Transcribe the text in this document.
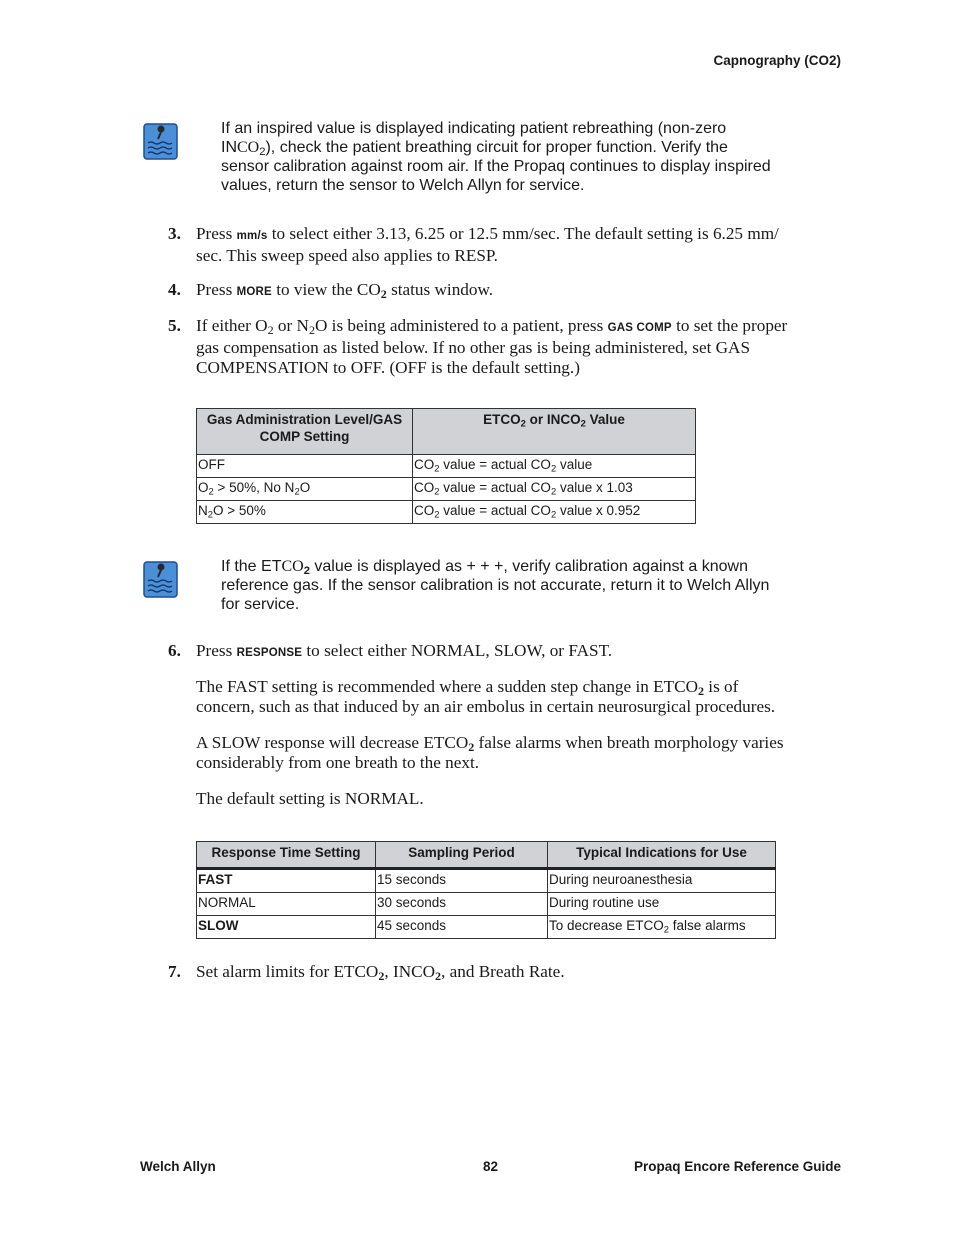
Capnography (CO2)
If an inspired value is displayed indicating patient rebreathing (non-zero
$INCO_2$), check the patient breathing circuit for proper function. Verify the
sensor calibration against room air. If the Propaq continues to display inspired
values, return the sensor to Welch Allyn for service.
3. Press mm/s to select either 3.13, 6.25 or 12.5 mm/sec. The default setting is 6.25 mm/
sec. This sweep speed also applies to RESP.
4. Press MORE to view the $CO_2$ status window.
5. If either $O_2$ or $N_2O$ is being administered to a patient, press GAS COMP to set the proper
gas compensation as listed below. If no other gas is being administered, set GAS
COMPENSATION to OFF. (OFF is the default setting.)
Gas Administration Level/GAS
COMP Setting	$ETCO_2$ or $INCO_2$ Value
OFF	$CO_2$ value = actual $CO_2$ value
$O_2 > 50\%$, No $N_2O$	$CO_2$ value = actual $CO_2$ value x 1.03
$N_2O > 50\%$	$CO_2$ value = actual $CO_2$ value x 0.952
If the $ETCO_2$ value is displayed as + + +, verify calibration against a known
reference gas. If the sensor calibration is not accurate, return it to Welch Allyn
for service.
6. Press RESPONSE to select either NORMAL, SLOW, or FAST.
The FAST setting is recommended where a sudden step change in $ETCO_2$ is of
concern, such as that induced by an air embolus in certain neurosurgical procedures.
A SLOW response will decrease $ETCO_2$ false alarms when breath morphology varies
considerably from one breath to the next.
The default setting is NORMAL.
Response Time Setting	Sampling Period	Typical Indications for Use
FAST	15 seconds	During neuroanesthesia
NORMAL	30 seconds	During routine use
SLOW	45 seconds	To decrease $ETCO_2$ false alarms
7. Set alarm limits for $ETCO_2$, $INCO_2$, and Breath Rate.
Welch Allyn	82	Propaq Encore Reference Guide
